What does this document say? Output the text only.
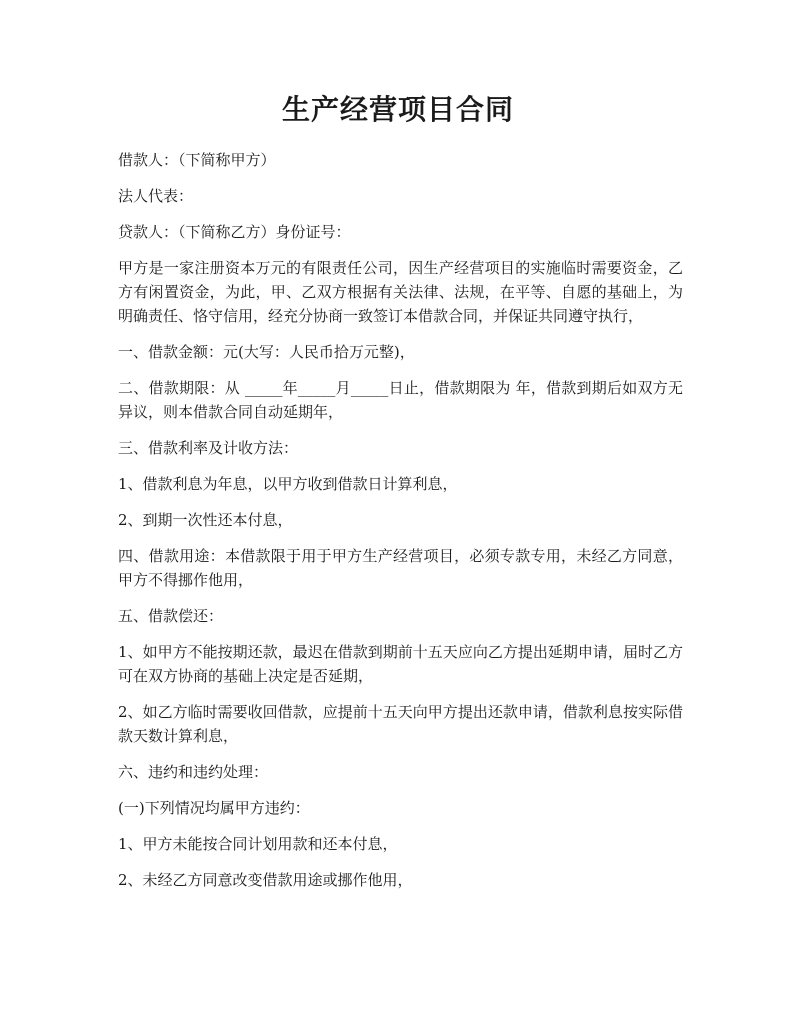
生产经营项目合同

借款人：（下简称甲方）

法人代表：

贷款人：（下简称乙方）身份证号：

甲方是一家注册资本万元的有限责任公司，因生产经营项目的实施临时需要资金，乙方有闲置资金，为此，甲、乙双方根据有关法律、法规，在平等、自愿的基础上，为明确责任、恪守信用，经充分协商一致签订本借款合同，并保证共同遵守执行，

一、借款金额：元(大写：人民币拾万元整)，

二、借款期限：从 _____年_____月_____日止，借款期限为 年，借款到期后如双方无异议，则本借款合同自动延期年，

三、借款利率及计收方法：

1、借款利息为年息，以甲方收到借款日计算利息，

2、到期一次性还本付息，

四、借款用途：本借款限于用于甲方生产经营项目，必须专款专用，未经乙方同意，甲方不得挪作他用，

五、借款偿还：

1、如甲方不能按期还款，最迟在借款到期前十五天应向乙方提出延期申请，届时乙方可在双方协商的基础上决定是否延期，

2、如乙方临时需要收回借款，应提前十五天向甲方提出还款申请，借款利息按实际借款天数计算利息，

六、违约和违约处理：

(一)下列情况均属甲方违约：

1、甲方未能按合同计划用款和还本付息，

2、未经乙方同意改变借款用途或挪作他用，
